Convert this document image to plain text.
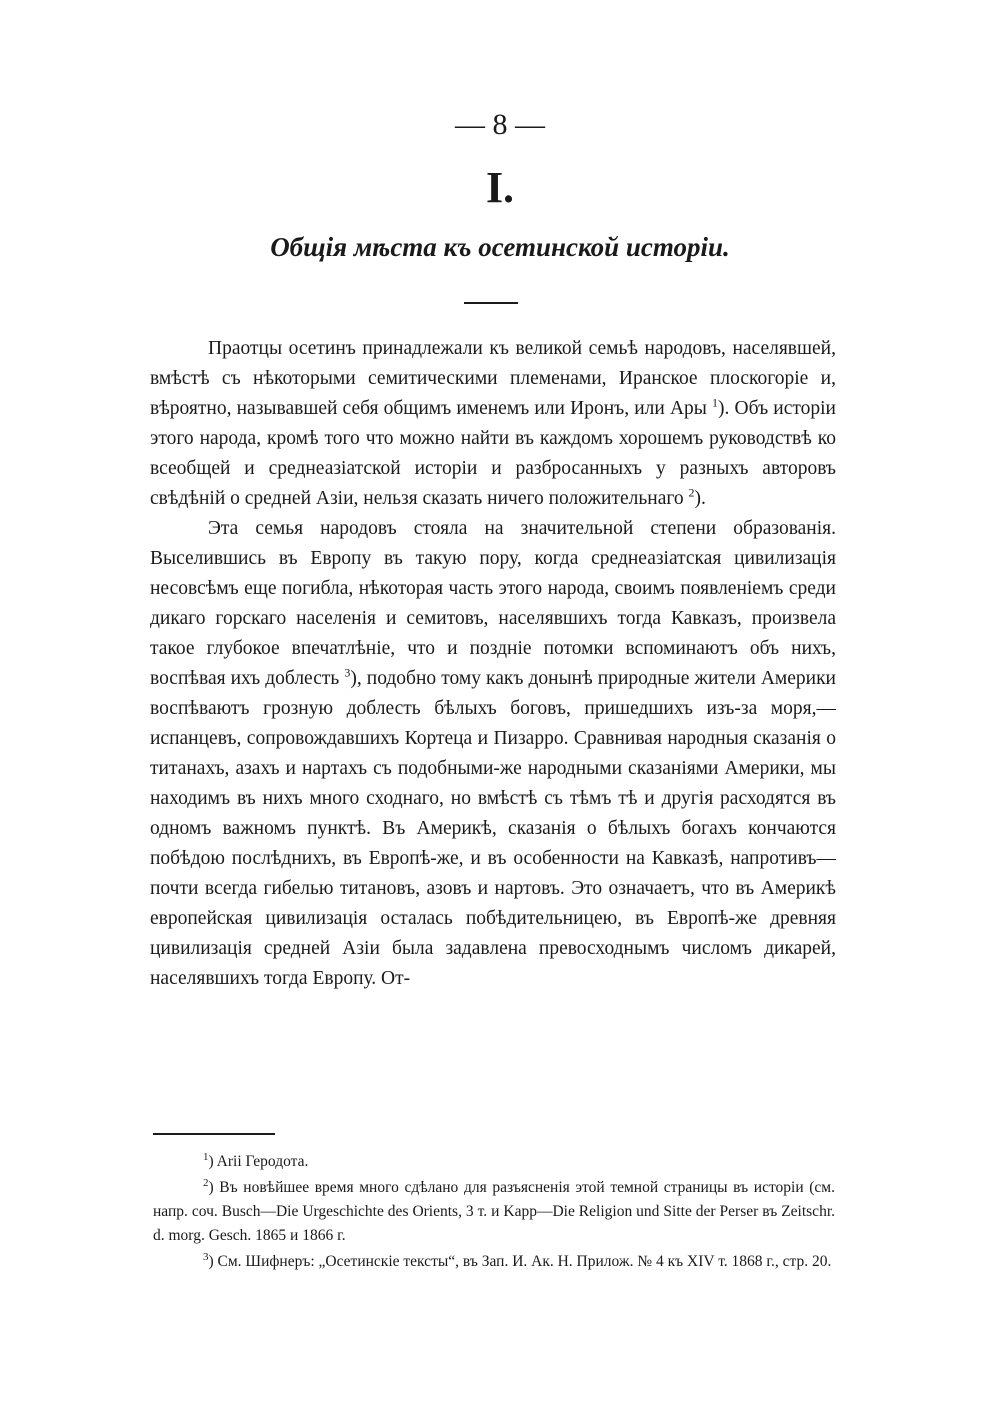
— 8 —
I.
Общія мѣста къ осетинской исторіи.

Праотцы осетинъ принадлежали къ великой семьѣ народовъ, населявшей, вмѣстѣ съ нѣкоторыми семитическими племенами, Иранское плоскогоріе и, вѣроятно, называвшей себя общимъ именемъ или Иронъ, или Ары $^1$). Объ исторіи этого народа, кромѣ того что можно найти въ каждомъ хорошемъ руководствѣ ко всеобщей и среднеазіатской исторіи и разбросанныхъ у разныхъ авторовъ свѣдѣній о средней Азіи, нельзя сказать ничего положительнаго $^2$).

Эта семья народовъ стояла на значительной степени образованія. Выселившись въ Европу въ такую пору, когда среднеазіатская цивилизація несовсѣмъ еще погибла, нѣкоторая часть этого народа, своимъ появленіемъ среди дикаго горскаго населенія и семитовъ, населявшихъ тогда Кавказъ, произвела такое глубокое впечатлѣніе, что и поздніе потомки вспоминаютъ объ нихъ, воспѣвая ихъ доблесть $^3$), подобно тому какъ донынѣ природные жители Америки воспѣваютъ грозную доблесть бѣлыхъ боговъ, пришедшихъ изъ-за моря,—испанцевъ, сопровождавшихъ Кортеца и Пизарро. Сравнивая народныя сказанія о титанахъ, азахъ и нартахъ съ подобными-же народными сказаніями Америки, мы находимъ въ нихъ много сходнаго, но вмѣстѣ съ тѣмъ тѣ и другія расходятся въ одномъ важномъ пунктѣ. Въ Америкѣ, сказанія о бѣлыхъ богахъ кончаются побѣдою послѣднихъ, въ Европѣ-же, и въ особенности на Кавказѣ, напротивъ—почти всегда гибелью титановъ, азовъ и нартовъ. Это означаетъ, что въ Америкѣ европейская цивилизація осталась побѣдительницею, въ Европѣ-же древняя цивилизація средней Азіи была задавлена превосходнымъ числомъ дикарей, населявшихъ тогда Европу. От-

$^1$) Arii Геродота.

$^2$) Въ новѣйшее время много сдѣлано для разъясненія этой темной страницы въ исторіи (см. напр. соч. Busch—Die Urgeschichte des Orients, 3 т. и Kapp—Die Religion und Sitte der Perser въ Zeitschr. d. morg. Gesch. 1865 и 1866 г.

$^3$) См. Шифнеръ: „Осетинскіе тексты“, въ Зап. И. Ак. Н. Прилож. № 4 къ XIV т. 1868 г., стр. 20.
